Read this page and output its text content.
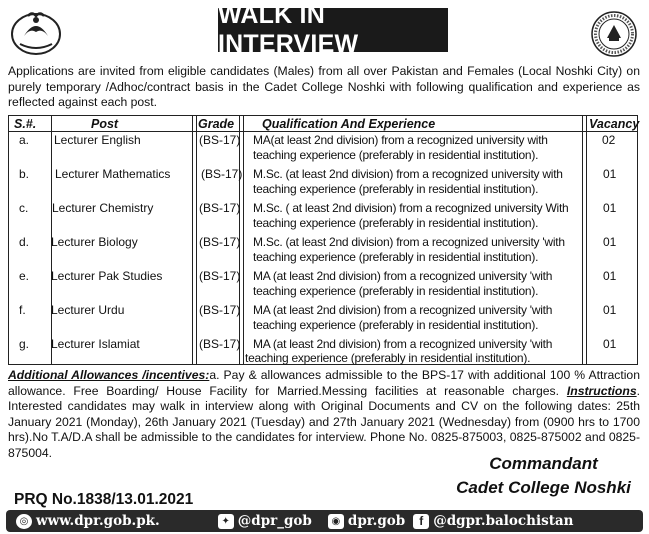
WALK IN INTERVIEW
Applications are invited from eligible candidates (Males) from all over Pakistan and Females (Local Noshki City) on purely temporary /Adhoc/contract basis in the Cadet College Noshki with following qualification and experience as reflected against each post.
S.#.	Post	Grade Qualification And Experience	Vacancy
a. Lecturer English	(BS-17) MA(at least 2nd division) from a recognized university with
teaching experience (preferably in residential institution).
02
b. Lecturer Mathematics	(BS-17) M.Sc. (at least 2nd division) from a recognized university with
teaching experience (preferably in residential institution).
01
c. Lecturer Chemistry	(BS-17) M.Sc. ( at least 2nd division) from a recognized university With
teaching experience (preferably in residential institution).
01
d. Lecturer Biology	(BS-17) M.Sc. (at least 2nd division) from a recognized university 'with
teaching experience (preferably in residential institution).
01
e. Lecturer Pak Studies	(BS-17) MA (at least 2nd division) from a recognized university 'with
teaching experience (preferably in residential institution).
01
f. Lecturer Urdu	(BS-17) MA (at least 2nd division) from a recognized university 'with
teaching experience (preferably in residential institution).
01
g. Lecturer Islamiat	(BS-17) MA (at least 2nd division) from a recognized university 'with
teaching experience (preferably in residential institution).
01
Additional Allowances /incentives:a. Pay & allowances admissible to the BPS-17 with additional 100 % Attraction allowance. Free Boarding/ House Facility for Married.Messing facilities at reasonable charges. Instructions. Interested candidates may walk in interview along with Original Documents and CV on the following dates: 25th January 2021 (Monday), 26th January 2021 (Tuesday) and 27th January 2021 (Wednesday) from (0900 hrs to 1700 hrs).No T.A/D.A shall be admissible to the candidates for interview. Phone No. 0825-875003, 0825-875002 and 0825-875004.
Commandant
Cadet College Noshki
PRQ No.1838/13.01.2021
◎ www.dpr.gob.pk.	✦ @dpr_gob	◉ dpr.gob	f @dgpr.balochistan
